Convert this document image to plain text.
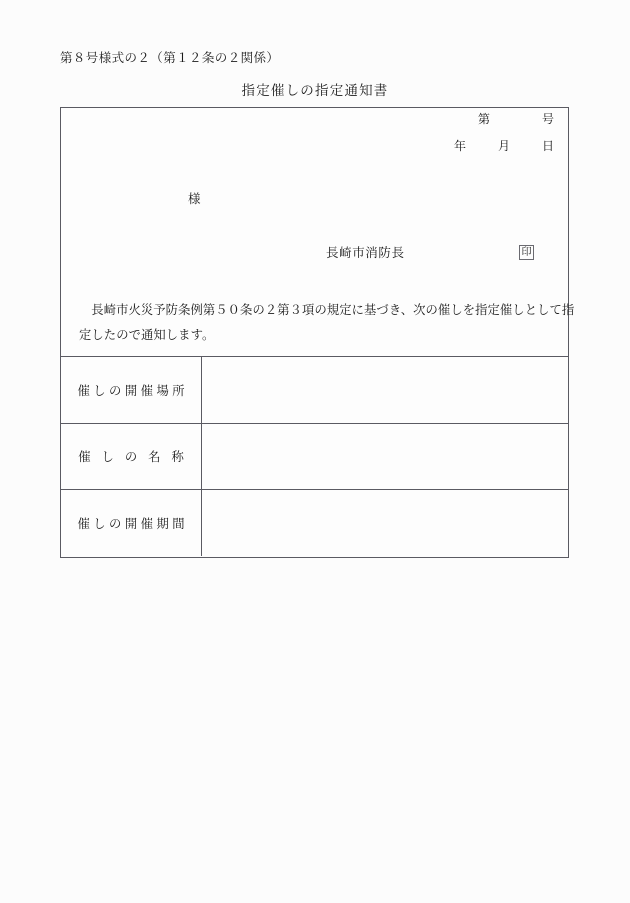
第８号様式の２（第１２条の２関係）
指定催しの指定通知書
第	号
年	月	日
様
長崎市消防長	印
長崎市火災予防条例第５０条の２第３項の規定に基づき、次の催しを指定催しとして指
定したので通知します。
催しの開催場所	
催しの名称	
催しの開催期間	
